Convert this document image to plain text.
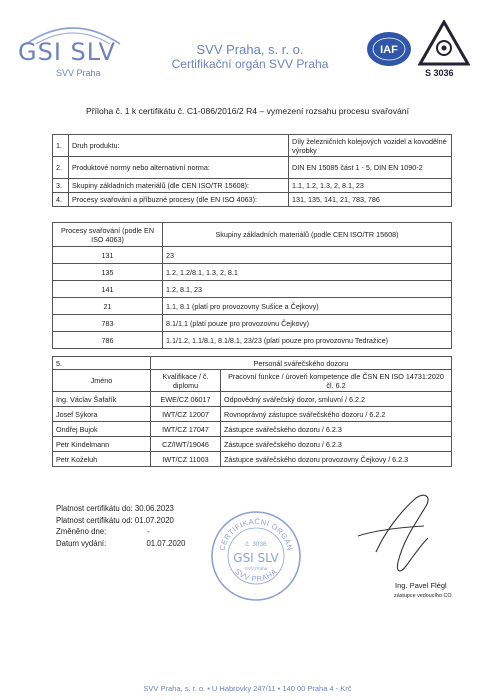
GSI SLV
SVV Praha
SVV Praha, s. r. o.
Certifikační orgán SVV Praha
IAF
S 3036
Příloha č. 1 k certifikátu č. C1-086/2016/2 R4 – vymezení rozsahu procesu svařování
1.	Druh produktu:	Díly železničních kolejových vozidel a kovodělné výrobky
2.	Produktové normy nebo alternativní norma:	DIN EN 15085 část 1 - 5, DIN EN 1090-2
3.	Skupiny základních materiálů (dle CEN ISO/TR 15608):	1.1, 1.2, 1.3, 2, 8.1, 23
4.	Procesy svařování a příbuzné procesy (dle EN ISO 4063):	131, 135, 141, 21, 783, 786
Procesy svařování (podle EN ISO 4063)	Skupiny základních materiálů (podle CEN ISO/TR 15608)
131	23
135	1.2, 1.2/8.1, 1.3, 2, 8.1
141	1.2, 8.1, 23
21	1.1, 8.1 (platí pro provozovny Sušice a Čejkovy)
783	8.1/1.1 (platí pouze pro provozovnu Čejkovy)
786	1.1/1.2, 1.1/8.1, 8.1/8.1, 23/23 (platí pouze pro provozovnu Tedražice)
5.	Personál svářečského dozoru	
Jméno	Kvalifikace / č. diplomu	Pracovní funkce / úroveň kompetence dle ČSN EN ISO 14731:2020 čl. 6.2
Ing. Václav Šafařík	EWE/CZ 06017	Odpovědný svářečský dozor, smluvní / 6.2.2
Josef Sýkora	IWT/CZ 12007	Rovnoprávný zástupce svářečského dozoru / 6.2.2
Ondřej Bujok	IWT/CZ 17047	Zástupce svářečského dozoru / 6.2.3
Petr Kindelmann	CZ/IWT/19046	Zástupce svářečského dozoru / 6.2.3
Petr Koželuh	IWT/CZ 11003	Zástupce svářečského dozoru provozovny Čejkovy / 6.2.3
Platnost certifikátu do: 30.06.2023
Platnost certifikátu od: 01.07.2020
Změněno dne:	-
Datum vydání:	01.07.2020
CERTIFIKAČNÍ ORGÁN
č. 3036
GSI SLV
SVV Praha
SVV PRAHA
Ing. Pavel Flégl
zástupce vedoucího CO
SVV Praha, s. r. o. • U Habrovky 247/11 • 140 00 Praha 4 - Krč
